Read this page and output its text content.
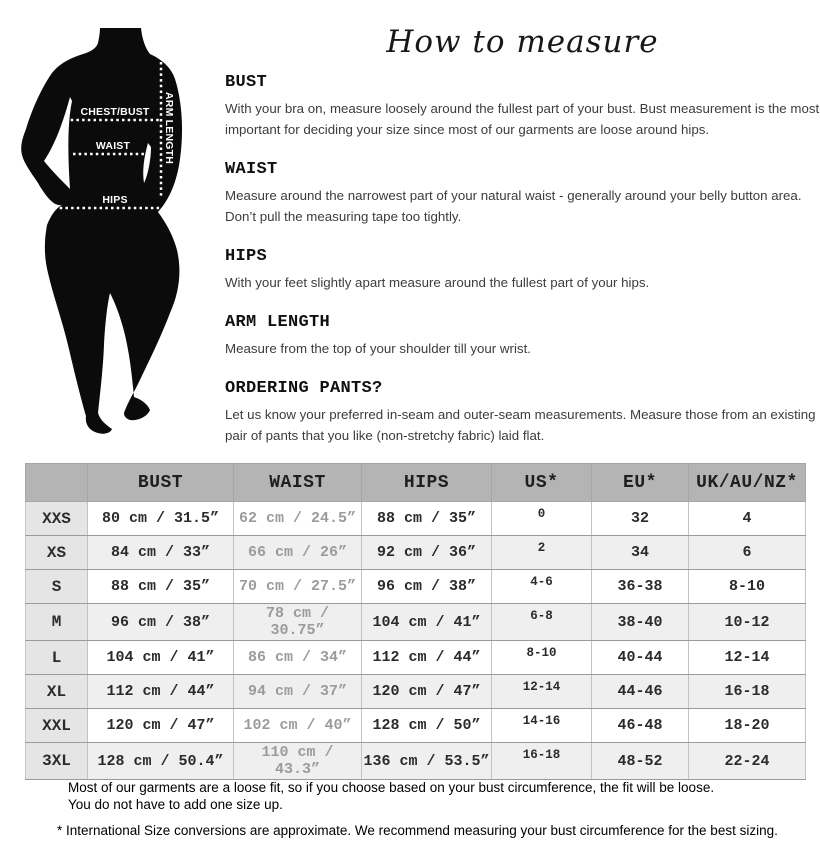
CHEST/BUST
WAIST
HIPS
ARM LENGTH
How to measure
BUST

With your bra on, measure loosely around the fullest part of your bust. Bust measurement is the most important for deciding your size since most of our garments are loose around hips.

WAIST

Measure around the narrowest part of your natural waist - generally around your belly button area. Don’t pull the measuring tape too tightly.

HIPS

With your feet slightly apart measure around the fullest part of your hips.

ARM LENGTH

Measure from the top of your shoulder till your wrist.

ORDERING PANTS?

Let us know your preferred in-seam and outer-seam measurements. Measure those from an existing pair of pants that you like (non-stretchy fabric) laid flat.

	BUST	WAIST	HIPS	US*	EU*	UK/AU/NZ*
XXS	80 cm / 31.5”	62 cm / 24.5”	88 cm / 35”	0	32	4
XS	84 cm / 33”	66 cm / 26”	92 cm / 36”	2	34	6
S	88 cm / 35”	70 cm / 27.5”	96 cm / 38”	4-6	36-38	8-10
M	96 cm / 38”	78 cm / 30.75”	104 cm / 41”	6-8	38-40	10-12
L	104 cm / 41”	86 cm / 34”	112 cm / 44”	8-10	40-44	12-14
XL	112 cm / 44”	94 cm / 37”	120 cm / 47”	12-14	44-46	16-18
XXL	120 cm / 47”	102 cm / 40”	128 cm / 50”	14-16	46-48	18-20
3XL	128 cm / 50.4”	110 cm / 43.3”	136 cm / 53.5”	16-18	48-52	22-24
Most of our garments are a loose fit, so if you choose based on your bust circumference, the fit will be loose.
You do not have to add one size up.
* International Size conversions are approximate. We recommend measuring your bust circumference for the best sizing.
